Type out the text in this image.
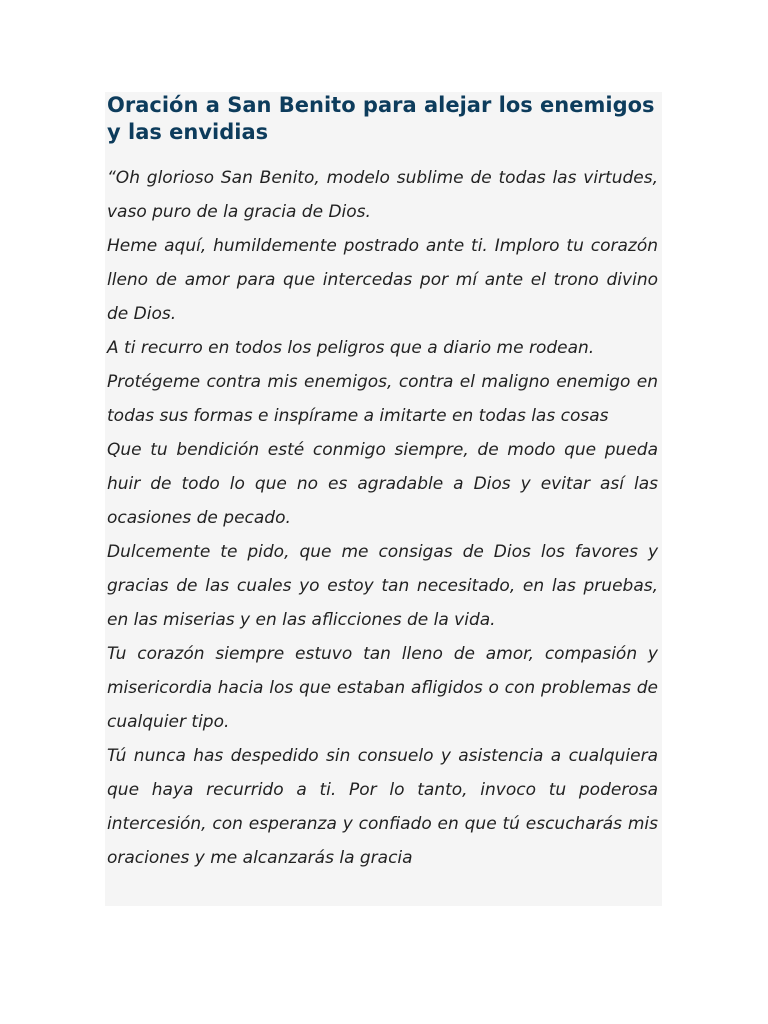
Oración a San Benito para alejar los enemigos y las envidias

“Oh glorioso San Benito, modelo sublime de todas las virtudes, vaso puro de la gracia de Dios.

Heme aquí, humildemente postrado ante ti. Imploro tu corazón lleno de amor para que intercedas por mí ante el trono divino de Dios.

A ti recurro en todos los peligros que a diario me rodean.

Protégeme contra mis enemigos, contra el maligno enemigo en todas sus formas e inspírame a imitarte en todas las cosas

Que tu bendición esté conmigo siempre, de modo que pueda huir de todo lo que no es agradable a Dios y evitar así las ocasiones de pecado.

Dulcemente te pido, que me consigas de Dios los favores y gracias de las cuales yo estoy tan necesitado, en las pruebas, en las miserias y en las aflicciones de la vida.

Tu corazón siempre estuvo tan lleno de amor, compasión y misericordia hacia los que estaban afligidos o con problemas de cualquier tipo.

Tú nunca has despedido sin consuelo y asistencia a cualquiera que haya recurrido a ti. Por lo tanto, invoco tu poderosa intercesión, con esperanza y confiado en que tú escucharás mis oraciones y me alcanzarás la gracia
